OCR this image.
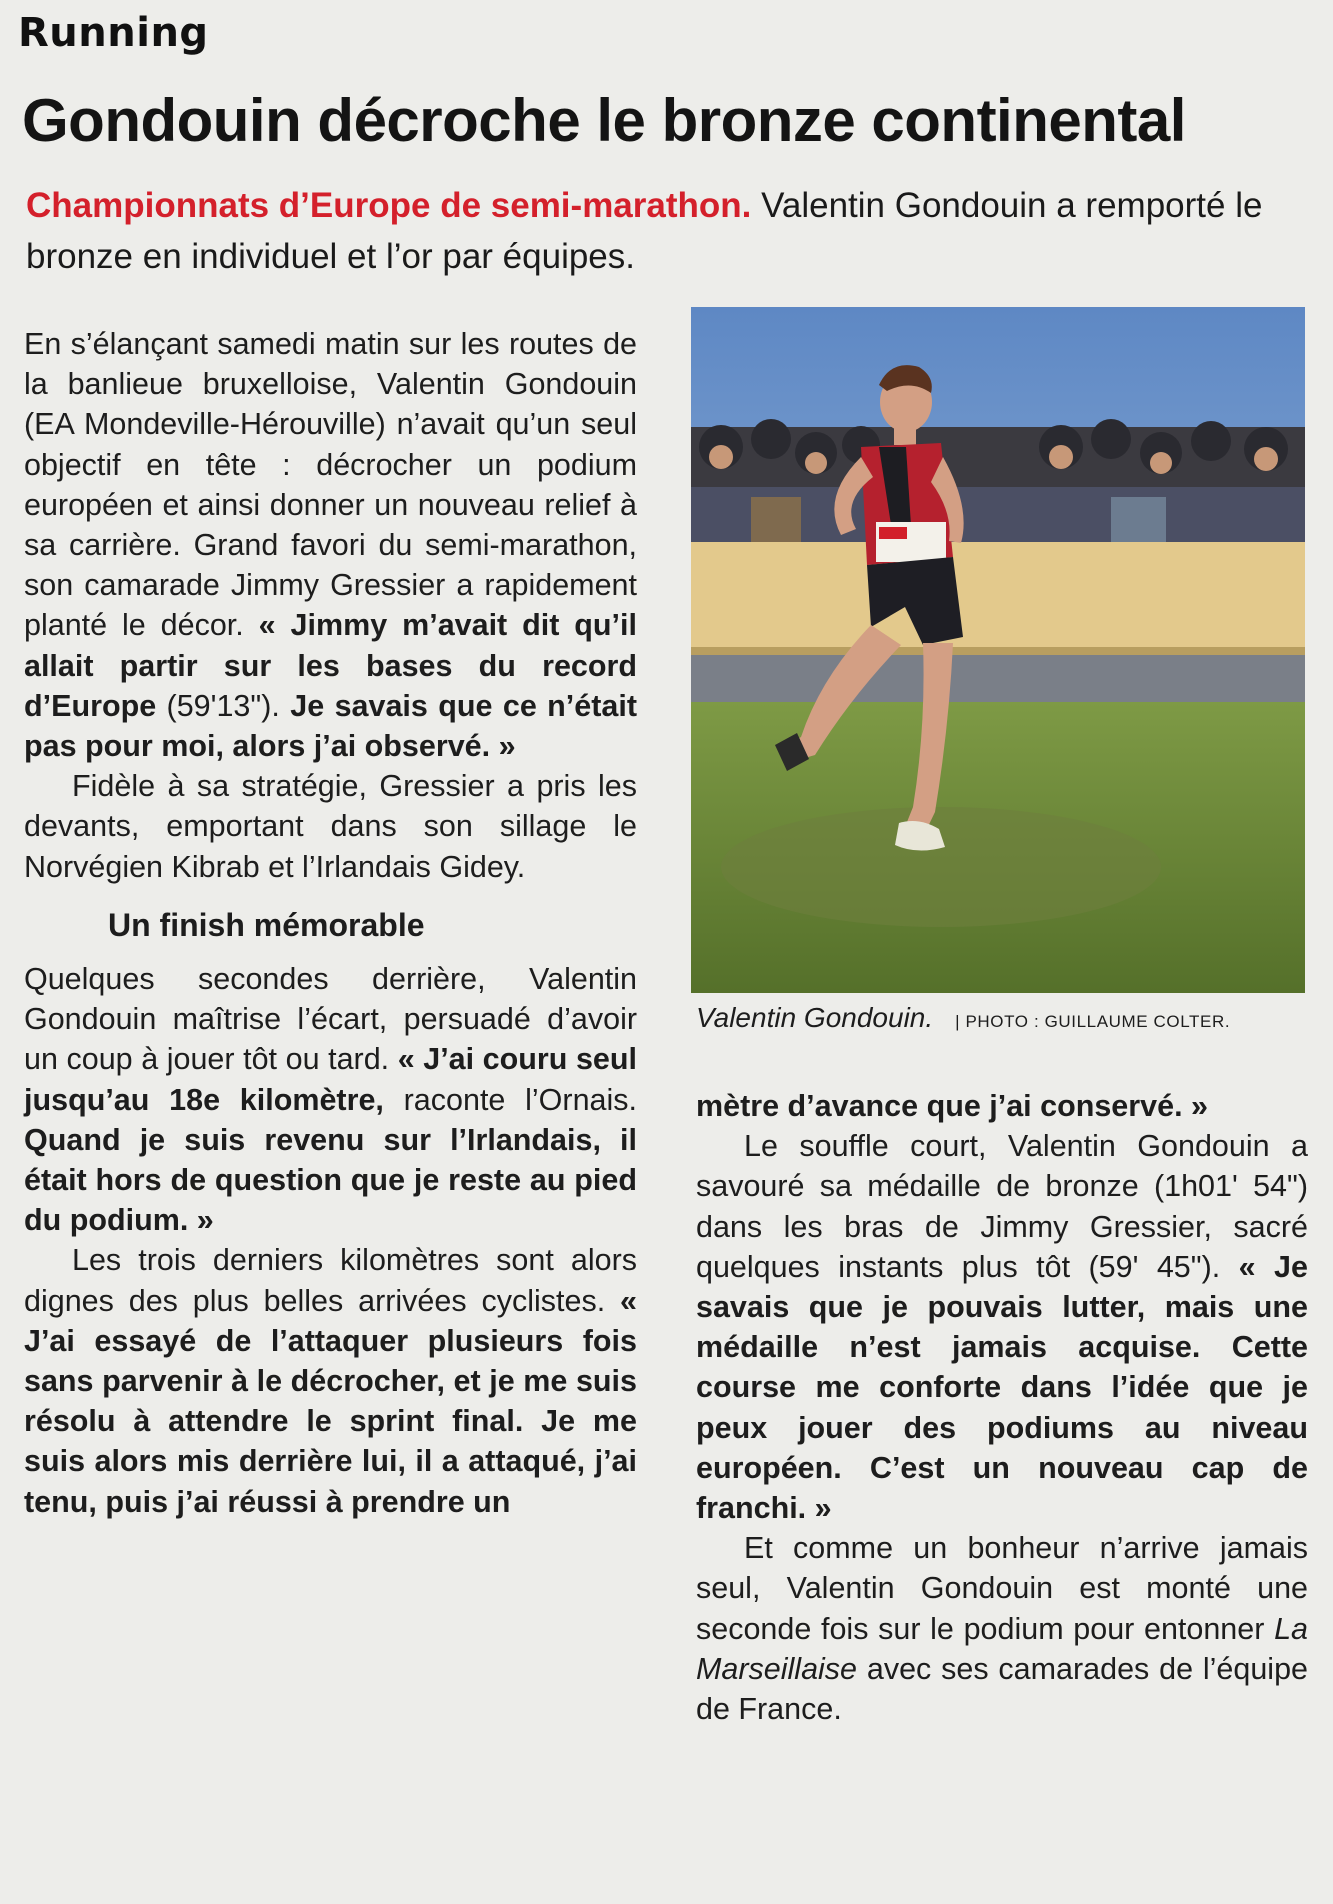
Running
Gondouin décroche le bronze continental
Championnats d’Europe de semi-marathon. Valentin Gondouin a remporté le bronze en individuel et l’or par équipes.

En s’élançant samedi matin sur les routes de la banlieue bruxelloise, Valentin Gondouin (EA Mondeville-Hérouville) n’avait qu’un seul objectif en tête : décrocher un podium européen et ainsi donner un nouveau relief à sa carrière. Grand favori du semi-marathon, son camarade Jimmy Gressier a rapidement planté le décor. « Jimmy m’avait dit qu’il allait partir sur les bases du record d’Europe (59'13"). Je savais que ce n’était pas pour moi, alors j’ai observé. »

Fidèle à sa stratégie, Gressier a pris les devants, emportant dans son sillage le Norvégien Kibrab et l’Irlandais Gidey.

Un finish mémorable

Quelques secondes derrière, Valentin Gondouin maîtrise l’écart, persuadé d’avoir un coup à jouer tôt ou tard. « J’ai couru seul jusqu’au 18e kilomètre, raconte l’Ornais. Quand je suis revenu sur l’Irlandais, il était hors de question que je reste au pied du podium. »

Les trois derniers kilomètres sont alors dignes des plus belles arrivées cyclistes. « J’ai essayé de l’attaquer plusieurs fois sans parvenir à le décrocher, et je me suis résolu à attendre le sprint final. Je me suis alors mis derrière lui, il a attaqué, j’ai tenu, puis j’ai réussi à prendre un

Valentin Gondouin. | PHOTO : GUILLAUME COLTER.

mètre d’avance que j’ai conservé. »

Le souffle court, Valentin Gondouin a savouré sa médaille de bronze (1h01' 54") dans les bras de Jimmy Gressier, sacré quelques instants plus tôt (59' 45"). « Je savais que je pouvais lutter, mais une médaille n’est jamais acquise. Cette course me conforte dans l’idée que je peux jouer des podiums au niveau européen. C’est un nouveau cap de franchi. »

Et comme un bonheur n’arrive jamais seul, Valentin Gondouin est monté une seconde fois sur le podium pour entonner La Marseillaise avec ses camarades de l’équipe de France.
